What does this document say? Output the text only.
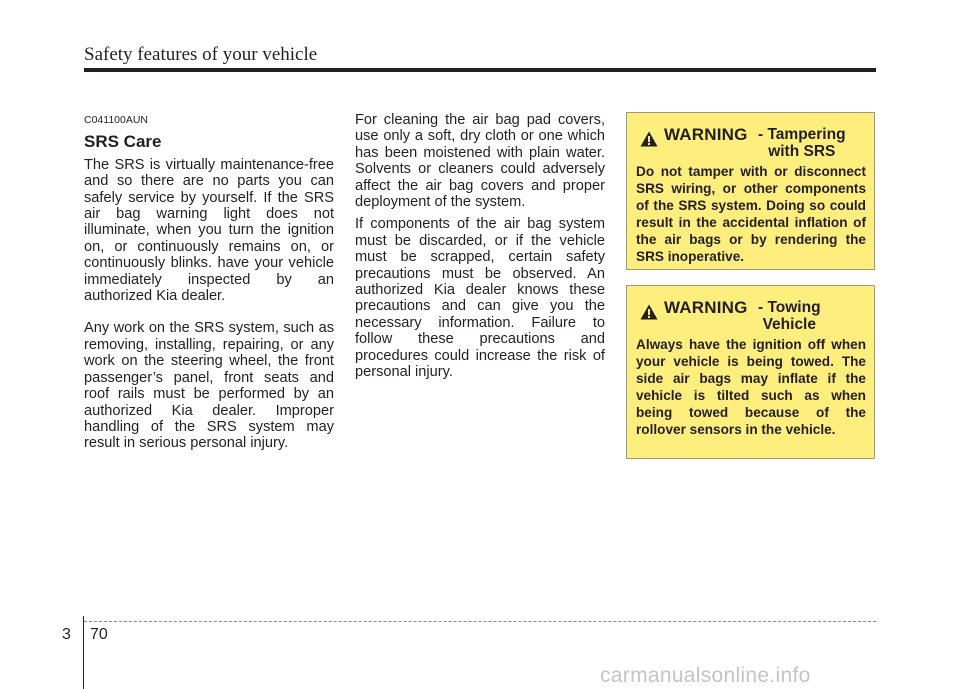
Safety features of your vehicle

C041100AUN

SRS Care

The SRS is virtually maintenance-free and so there are no parts you can safely service by yourself. If the SRS air bag warning light does not illuminate, when you turn the ignition on, or continuously remains on, or continuously blinks. have your vehicle immediately inspected by an authorized Kia dealer.

Any work on the SRS system, such as removing, installing, repairing, or any work on the steering wheel, the front passenger’s panel, front seats and roof rails must be performed by an authorized Kia dealer. Improper handling of the SRS system may result in serious personal injury.

For cleaning the air bag pad covers, use only a soft, dry cloth or one which has been moistened with plain water. Solvents or cleaners could adversely affect the air bag covers and proper deployment of the system.

If components of the air bag system must be discarded, or if the vehicle must be scrapped, certain safety precautions must be observed. An authorized Kia dealer knows these precautions and can give you the necessary information. Failure to follow these precautions and procedures could increase the risk of personal injury.

WARNING - Tampering
with SRS

Do not tamper with or disconnect SRS wiring, or other components of the SRS system. Doing so could result in the accidental inflation of the air bags or by rendering the SRS inoperative.

WARNING - Towing
Vehicle

Always have the ignition off when your vehicle is being towed. The side air bags may inflate if the vehicle is tilted such as when being towed because of the rollover sensors in the vehicle.

3 70
carmanualsonline.info
